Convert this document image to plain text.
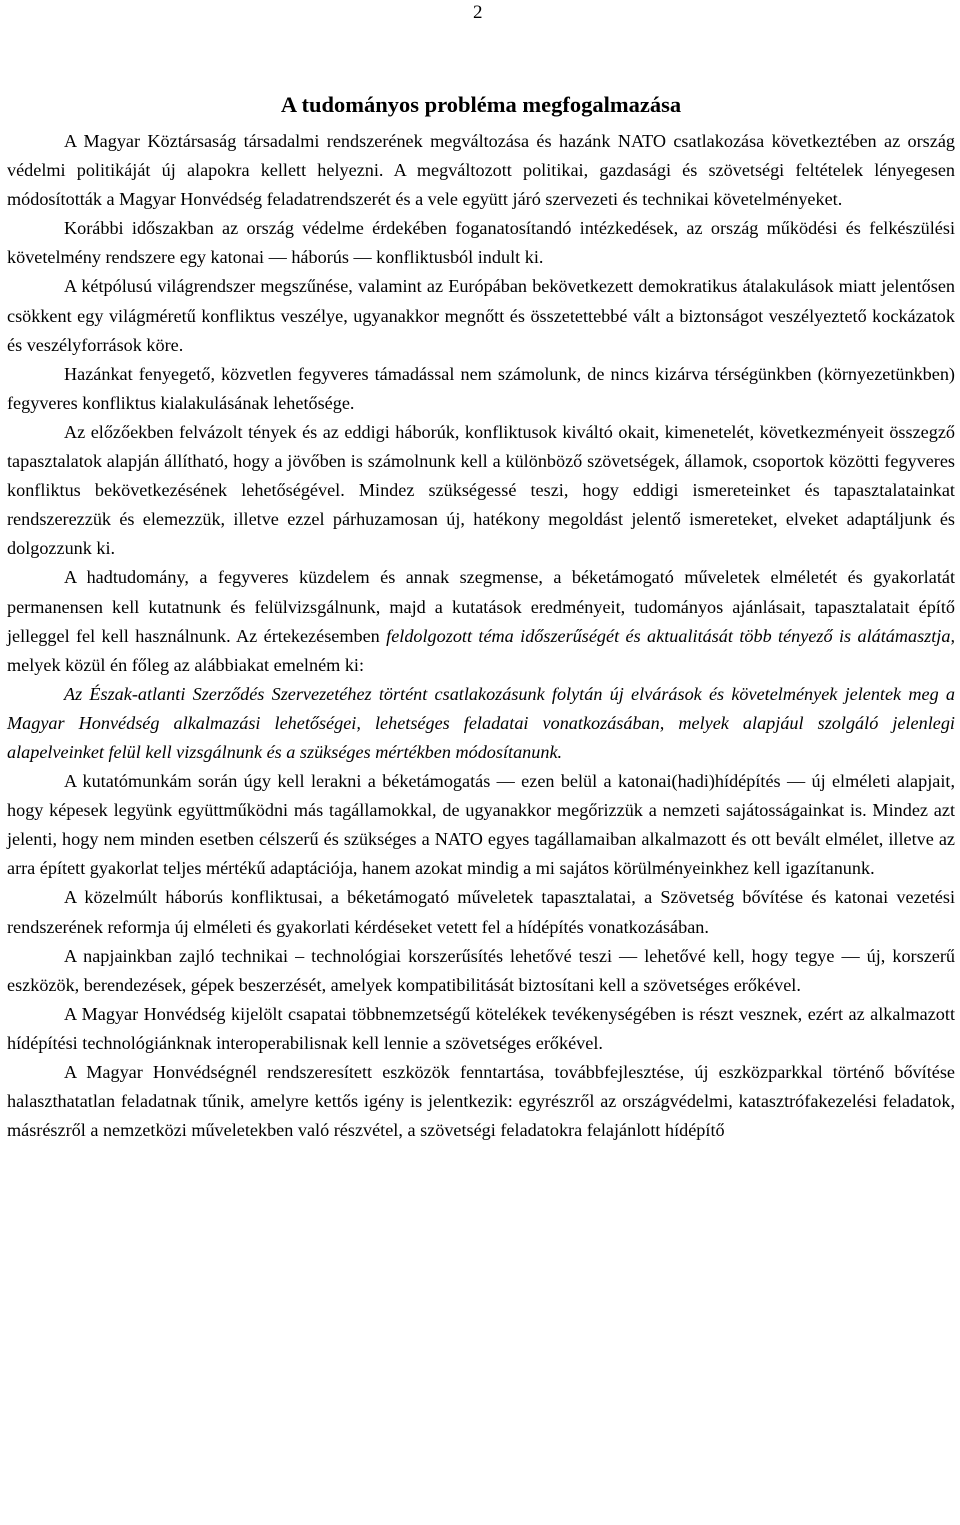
2
A tudományos probléma megfogalmazása

A Magyar Köztársaság társadalmi rendszerének megváltozása és hazánk NATO csatlakozása következtében az ország védelmi politikáját új alapokra kellett helyezni. A megváltozott politikai, gazdasági és szövetségi feltételek lényegesen módosították a Magyar Honvédség feladatrendszerét és a vele együtt járó szervezeti és technikai követelményeket.

Korábbi időszakban az ország védelme érdekében foganatosítandó intézkedések, az ország működési és felkészülési követelmény rendszere egy katonai — háborús — konfliktusból indult ki.

A kétpólusú világrendszer megszűnése, valamint az Európában bekövetkezett demokratikus átalakulások miatt jelentősen csökkent egy világméretű konfliktus veszélye, ugyanakkor megnőtt és összetettebbé vált a biztonságot veszélyeztető kockázatok és veszélyforrások köre.

Hazánkat fenyegető, közvetlen fegyveres támadással nem számolunk, de nincs kizárva térségünkben (környezetünkben) fegyveres konfliktus kialakulásának lehetősége.

Az előzőekben felvázolt tények és az eddigi háborúk, konfliktusok kiváltó okait, kimenetelét, következményeit összegző tapasztalatok alapján állítható, hogy a jövőben is számolnunk kell a különböző szövetségek, államok, csoportok közötti fegyveres konfliktus bekövetkezésének lehetőségével. Mindez szükségessé teszi, hogy eddigi ismereteinket és tapasztalatainkat rendszerezzük és elemezzük, illetve ezzel párhuzamosan új, hatékony megoldást jelentő ismereteket, elveket adaptáljunk és dolgozzunk ki.

A hadtudomány, a fegyveres küzdelem és annak szegmense, a béketámogató műveletek elméletét és gyakorlatát permanensen kell kutatnunk és felülvizsgálnunk, majd a kutatások eredményeit, tudományos ajánlásait, tapasztalatait építő jelleggel fel kell használnunk. Az értekezésemben feldolgozott téma időszerűségét és aktualitását több tényező is alátámasztja, melyek közül én főleg az alábbiakat emelném ki:

Az Észak-atlanti Szerződés Szervezetéhez történt csatlakozásunk folytán új elvárások és követelmények jelentek meg a Magyar Honvédség alkalmazási lehetőségei, lehetséges feladatai vonatkozásában, melyek alapjául szolgáló jelenlegi alapelveinket felül kell vizsgálnunk és a szükséges mértékben módosítanunk.

A kutatómunkám során úgy kell lerakni a béketámogatás — ezen belül a katonai(hadi)hídépítés — új elméleti alapjait, hogy képesek legyünk együttműködni más tagállamokkal, de ugyanakkor megőrizzük a nemzeti sajátosságainkat is. Mindez azt jelenti, hogy nem minden esetben célszerű és szükséges a NATO egyes tagállamaiban alkalmazott és ott bevált elmélet, illetve az arra épített gyakorlat teljes mértékű adaptációja, hanem azokat mindig a mi sajátos körülményeinkhez kell igazítanunk.

A közelmúlt háborús konfliktusai, a béketámogató műveletek tapasztalatai, a Szövetség bővítése és katonai vezetési rendszerének reformja új elméleti és gyakorlati kérdéseket vetett fel a hídépítés vonatkozásában.

A napjainkban zajló technikai – technológiai korszerűsítés lehetővé teszi — lehetővé kell, hogy tegye — új, korszerű eszközök, berendezések, gépek beszerzését, amelyek kompatibilitását biztosítani kell a szövetséges erőkével.

A Magyar Honvédség kijelölt csapatai többnemzetségű kötelékek tevékenységében is részt vesznek, ezért az alkalmazott hídépítési technológiánknak interoperabilisnak kell lennie a szövetséges erőkével.

A Magyar Honvédségnél rendszeresített eszközök fenntartása, továbbfejlesztése, új eszközparkkal történő bővítése halaszthatatlan feladatnak tűnik, amelyre kettős igény is jelentkezik: egyrészről az országvédelmi, katasztrófakezelési feladatok, másrészről a nemzetközi műveletekben való részvétel, a szövetségi feladatokra felajánlott hídépítő
